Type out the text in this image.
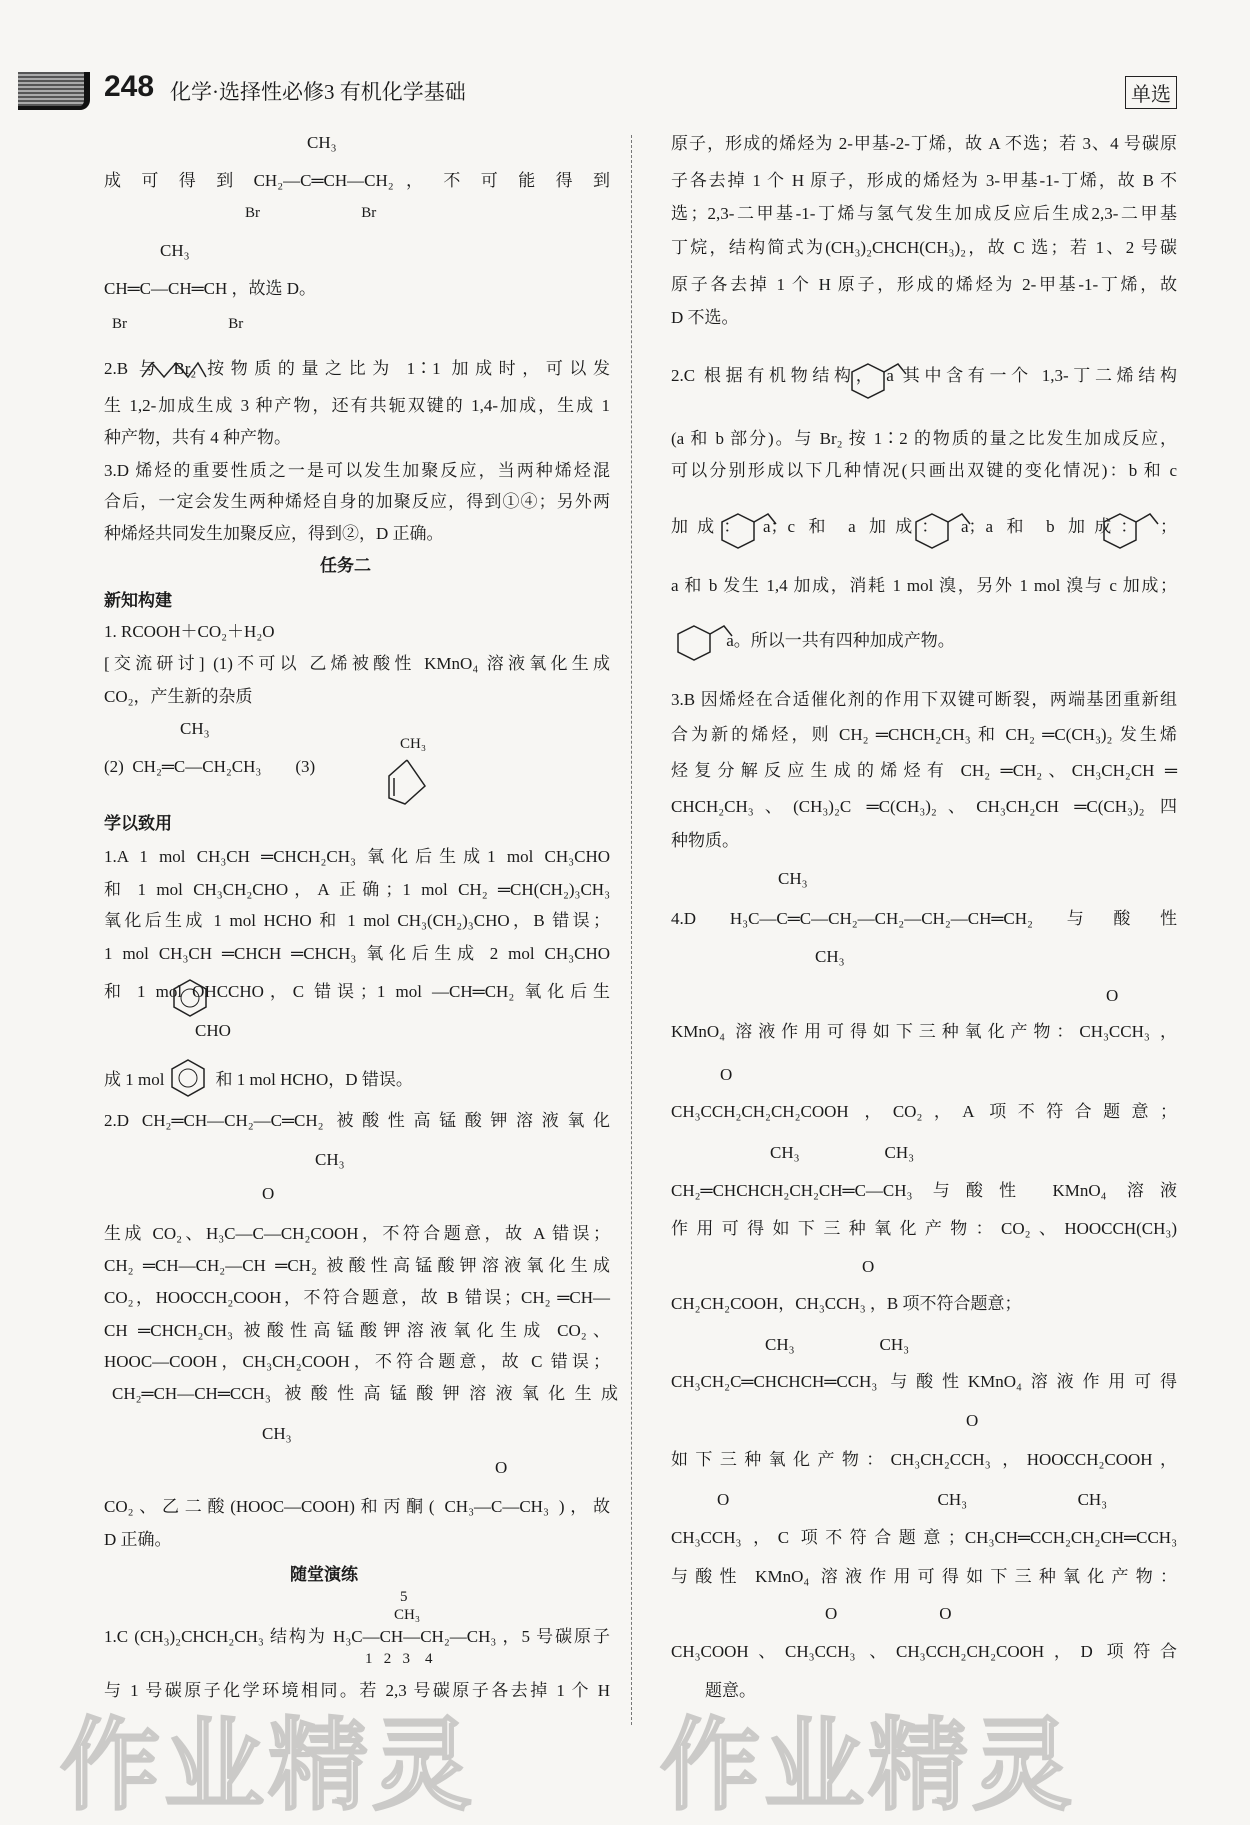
248 化学·选择性必修3 有机化学基础	单选
CH₃
成 可 得 到 CH₂—C═CH—CH₂ ， 不 可 能 得 到
Br                           Br
CH₃
CH═C—CH═CH ，故选 D。
Br                           Br
2.B 与 Br₂ 按物质的量之比为 1∶1 加成时，可以发
生 1,2-加成生成 3 种产物，还有共轭双键的 1,4-加成，生成 1
种产物，共有 4 种产物。
3.D 烯烃的重要性质之一是可以发生加聚反应，当两种烯烃混
合后，一定会发生两种烯烃自身的加聚反应，得到①④；另外两
种烯烃共同发生加聚反应，得到②，D 正确。
任务二
新知构建
1. RCOOH＋CO₂＋H₂O
[交流研讨] (1)不可以 乙烯被酸性 KMnO₄ 溶液氧化生成
CO₂，产生新的杂质
CH₃
(2)  CH₂═C—CH₂CH₃        (3)
CH₃
学以致用
1.A 1 mol CH₃CH ═CHCH₂CH₃ 氧化后生成1 mol CH₃CHO
和 1 mol CH₃CH₂CHO，A 正确；1 mol CH₂ ═CH(CH₂)₃CH₃
氧化后生成 1 mol HCHO 和 1 mol CH₃(CH₂)₃CHO，B 错误；
1 mol CH₃CH ═CHCH ═CHCH₃ 氧化后生成 2 mol CH₃CHO
和 1 mol OHCCHO，C 错误；1 mol —CH═CH₂ 氧化后生
CHO
成 1 mol            和 1 mol HCHO，D 错误。
2.D CH₂═CH—CH₂—C═CH₂ 被酸性高锰酸钾溶液氧化
CH₃
O
生成 CO₂、H₃C—C—CH₂COOH，不符合题意，故 A 错误；
CH₂ ═CH—CH₂—CH ═CH₂ 被酸性高锰酸钾溶液氧化生成
CO₂，HOOCCH₂COOH，不符合题意，故 B 错误；CH₂ ═CH—
CH ═CHCH₂CH₃ 被酸性高锰酸钾溶液氧化生成 CO₂、
HOOC—COOH，CH₃CH₂COOH，不符合题意，故 C 错误；
CH₂═CH—CH═CCH₃ 被酸性高锰酸钾溶液氧化生成
CH₃
O
CO₂、乙二酸(HOOC—COOH)和丙酮( CH₃—C—CH₃ )，故
D 正确。
随堂演练
5
CH₃
1.C (CH₃)₂CHCH₂CH₃ 结构为 H₃C—CH—CH₂—CH₃ ，5 号碳原子
1   2   3    4
与 1 号碳原子化学环境相同。若 2,3 号碳原子各去掉 1 个 H
原子，形成的烯烃为 2-甲基-2-丁烯，故 A 不选；若 3、4 号碳原
子各去掉 1 个 H 原子，形成的烯烃为 3-甲基-1-丁烯，故 B 不
选；2,3-二甲基-1-丁烯与氢气发生加成反应后生成2,3-二甲基
丁烷，结构简式为(CH₃)₂CHCH(CH₃)₂，故 C 选；若 1、2 号碳
原子各去掉 1 个 H 原子，形成的烯烃为 2-甲基-1-丁烯，故
D 不选。
2.C 根据有机物结构， a 其中含有一个 1,3-丁二烯结构
(a 和 b 部分)。与 Br₂ 按 1∶2 的物质的量之比发生加成反应，
可以分别形成以下几种情况(只画出双键的变化情况)：b 和 c
加成： a；c 和 a 加成： a；a 和 b 加成： ；
a 和 b 发生 1,4 加成，消耗 1 mol 溴，另外 1 mol 溴与 c 加成；
a。所以一共有四种加成产物。
3.B 因烯烃在合适催化剂的作用下双键可断裂，两端基团重新组
合为新的烯烃，则 CH₂ ═CHCH₂CH₃ 和 CH₂ ═C(CH₃)₂ 发生烯
烃复分解反应生成的烯烃有 CH₂ ═CH₂、CH₃CH₂CH ═
CHCH₂CH₃、(CH₃)₂C ═C(CH₃)₂、CH₃CH₂CH ═C(CH₃)₂ 四
种物质。
CH₃
4.D H₃C—C═C—CH₂—CH₂—CH₂—CH═CH₂ 与酸性
CH₃
O
KMnO₄ 溶液作用可得如下三种氧化产物：CH₃CCH₃ ，
O
CH₃CCH₂CH₂CH₂COOH ，CO₂，A 项不符合题意；
CH₃                    CH₃
CH₂═CHCHCH₂CH₂CH═C—CH₃ 与酸性 KMnO₄ 溶液
作用可得如下三种氧化产物：CO₂、HOOCCH(CH₃)
O
CH₂CH₂COOH，CH₃CCH₃ ，B 项不符合题意；
CH₃                    CH₃
CH₃CH₂C═CHCHCH═CCH₃ 与酸性KMnO₄溶液作用可得
O
如下三种氧化产物：CH₃CH₂CCH₃ ，HOOCCH₂COOH，
O                                                 CH₃                          CH₃
CH₃CCH₃ ，C 项不符合题意；CH₃CH═CCH₂CH₂CH═CCH₃
与酸性 KMnO₄ 溶液作用可得如下三种氧化产物：
O                        O
CH₃COOH、CH₃CCH₃ 、CH₃CCH₂CH₂COOH，D 项符合
题意。
作业精灵 作业精灵
